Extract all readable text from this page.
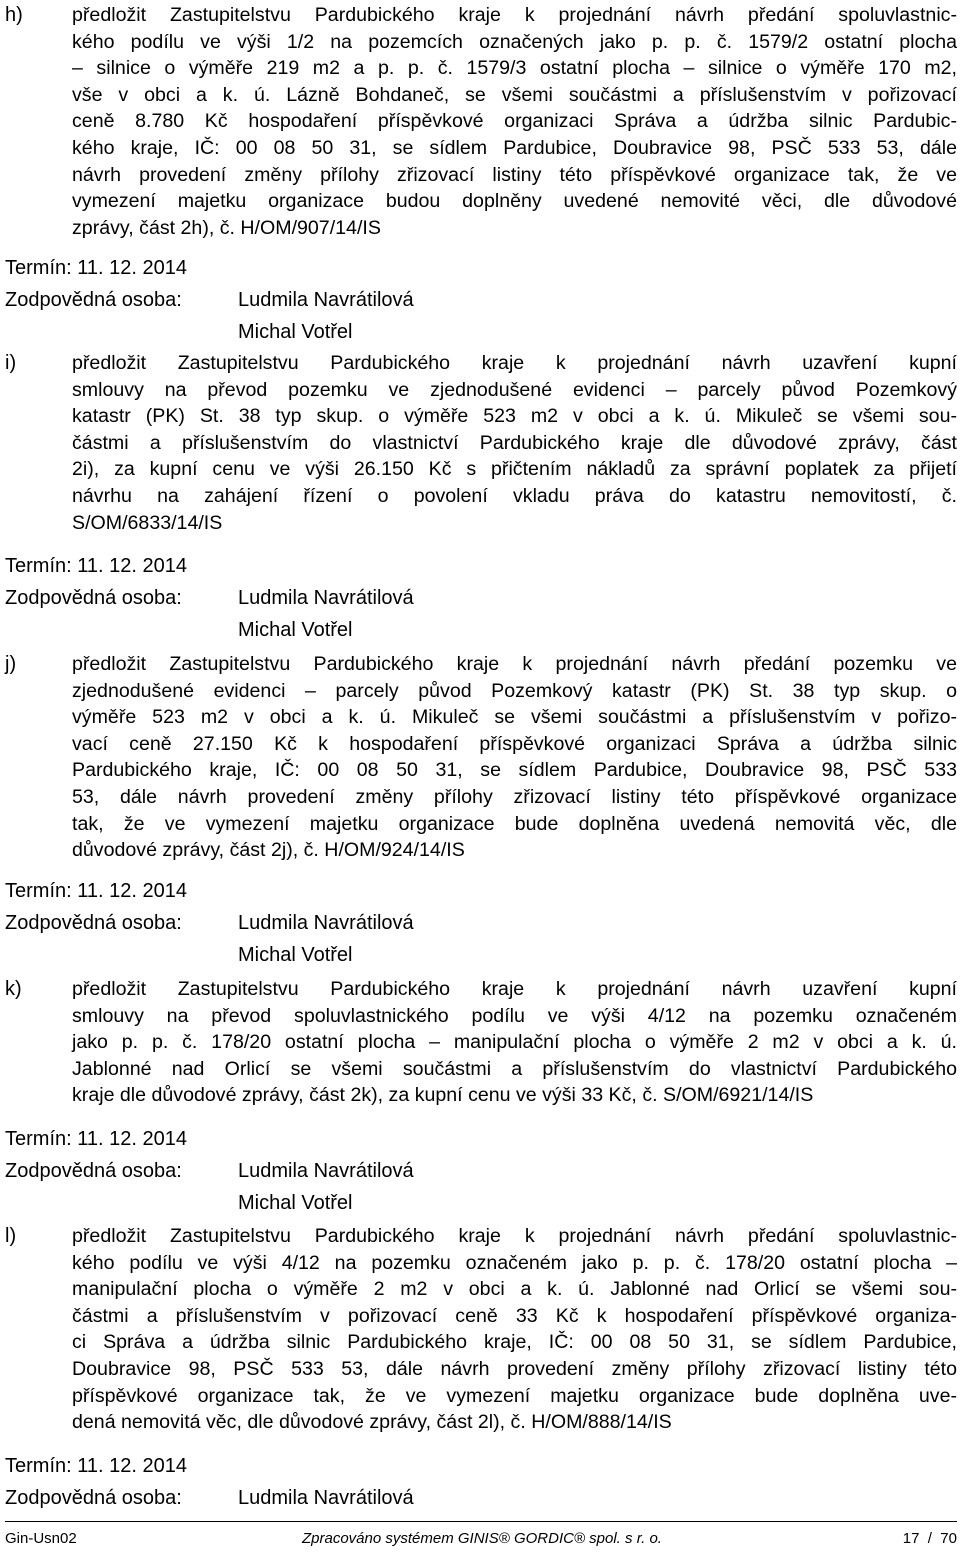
h)	předložit Zastupitelstvu Pardubického kraje k projednání návrh předání spoluvlastnic-
kého podílu ve výši 1/2 na pozemcích označených jako p. p. č. 1579/2 ostatní plocha
– silnice o výměře 219 m2 a p. p. č. 1579/3 ostatní plocha – silnice o výměře 170 m2,
vše v obci a k. ú. Lázně Bohdaneč, se všemi součástmi a příslušenstvím v pořizovací
ceně 8.780 Kč hospodaření příspěvkové organizaci Správa a údržba silnic Pardubic-
kého kraje, IČ: 00 08 50 31, se sídlem Pardubice, Doubravice 98, PSČ 533 53, dále
návrh provedení změny přílohy zřizovací listiny této příspěvkové organizace tak, že ve
vymezení majetku organizace budou doplněny uvedené nemovité věci, dle důvodové
zprávy, část 2h), č. H/OM/907/14/IS
Termín: 11. 12. 2014
Zodpovědná osoba:	Ludmila Navrátilová
Michal Votřel
i)	předložit Zastupitelstvu Pardubického kraje k projednání návrh uzavření kupní
smlouvy na převod pozemku ve zjednodušené evidenci – parcely původ Pozemkový
katastr (PK) St. 38 typ skup. o výměře 523 m2 v obci a k. ú. Mikuleč se všemi sou-
částmi a příslušenstvím do vlastnictví Pardubického kraje dle důvodové zprávy, část
2i), za kupní cenu ve výši 26.150 Kč s přičtením nákladů za správní poplatek za přijetí
návrhu na zahájení řízení o povolení vkladu práva do katastru nemovitostí, č.
S/OM/6833/14/IS
Termín: 11. 12. 2014
Zodpovědná osoba:	Ludmila Navrátilová
Michal Votřel
j)	předložit Zastupitelstvu Pardubického kraje k projednání návrh předání pozemku ve
zjednodušené evidenci – parcely původ Pozemkový katastr (PK) St. 38 typ skup. o
výměře 523 m2 v obci a k. ú. Mikuleč se všemi součástmi a příslušenstvím v pořizo-
vací ceně 27.150 Kč k hospodaření příspěvkové organizaci Správa a údržba silnic
Pardubického kraje, IČ: 00 08 50 31, se sídlem Pardubice, Doubravice 98, PSČ 533
53, dále návrh provedení změny přílohy zřizovací listiny této příspěvkové organizace
tak, že ve vymezení majetku organizace bude doplněna uvedená nemovitá věc, dle
důvodové zprávy, část 2j), č. H/OM/924/14/IS
Termín: 11. 12. 2014
Zodpovědná osoba:	Ludmila Navrátilová
Michal Votřel
k)	předložit Zastupitelstvu Pardubického kraje k projednání návrh uzavření kupní
smlouvy na převod spoluvlastnického podílu ve výši 4/12 na pozemku označeném
jako p. p. č. 178/20 ostatní plocha – manipulační plocha o výměře 2 m2 v obci a k. ú.
Jablonné nad Orlicí se všemi součástmi a příslušenstvím do vlastnictví Pardubického
kraje dle důvodové zprávy, část 2k), za kupní cenu ve výši 33 Kč, č. S/OM/6921/14/IS
Termín: 11. 12. 2014
Zodpovědná osoba:	Ludmila Navrátilová
Michal Votřel
l)	předložit Zastupitelstvu Pardubického kraje k projednání návrh předání spoluvlastnic-
kého podílu ve výši 4/12 na pozemku označeném jako p. p. č. 178/20 ostatní plocha –
manipulační plocha o výměře 2 m2 v obci a k. ú. Jablonné nad Orlicí se všemi sou-
částmi a příslušenstvím v pořizovací ceně 33 Kč k hospodaření příspěvkové organiza-
ci Správa a údržba silnic Pardubického kraje, IČ: 00 08 50 31, se sídlem Pardubice,
Doubravice 98, PSČ 533 53, dále návrh provedení změny přílohy zřizovací listiny této
příspěvkové organizace tak, že ve vymezení majetku organizace bude doplněna uve-
dená nemovitá věc, dle důvodové zprávy, část 2l), č. H/OM/888/14/IS
Termín: 11. 12. 2014
Zodpovědná osoba:	Ludmila Navrátilová
Gin-Usn02	Zpracováno systémem GINIS® GORDIC® spol. s r. o.	17  /  70
